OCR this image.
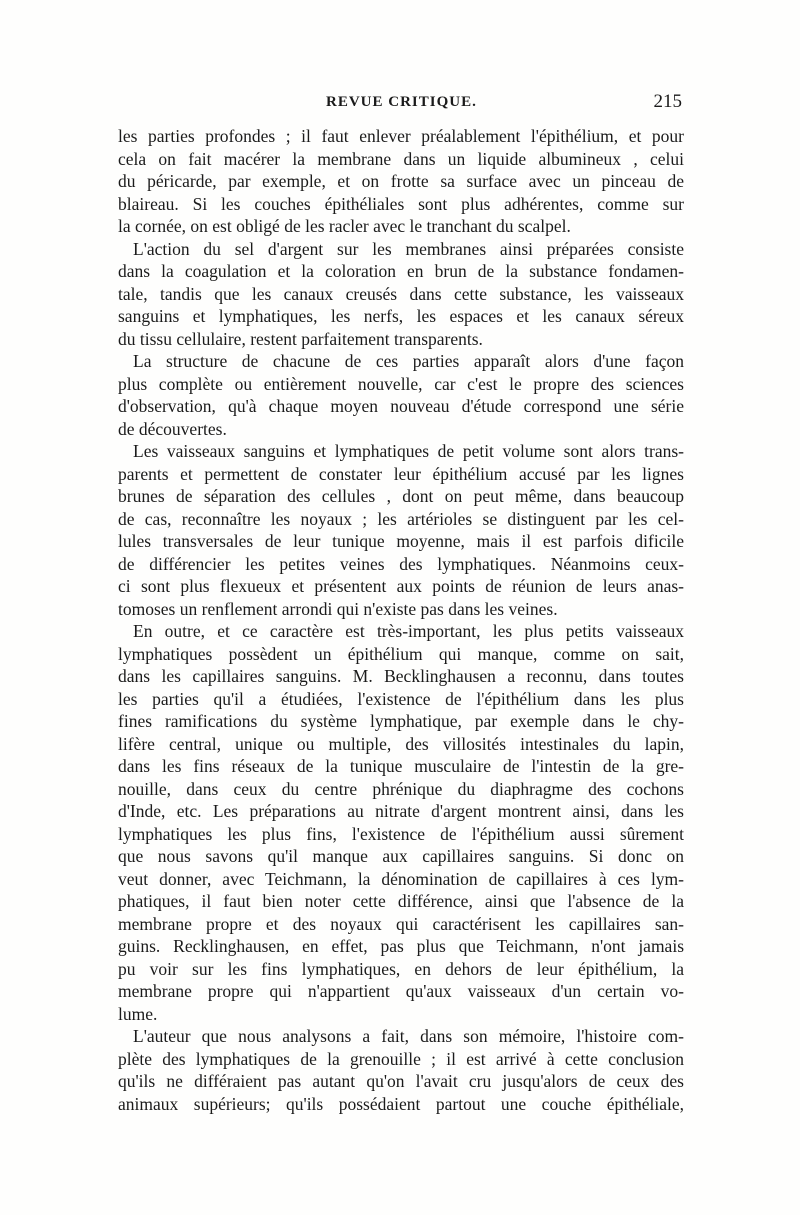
REVUE CRITIQUE.	215
les parties profondes ; il faut enlever préalablement l'épithélium, et pour
cela on fait macérer la membrane dans un liquide albumineux , celui
du péricarde, par exemple, et on frotte sa surface avec un pinceau de
blaireau. Si les couches épithéliales sont plus adhérentes, comme sur
la cornée, on est obligé de les racler avec le tranchant du scalpel.
L'action du sel d'argent sur les membranes ainsi préparées consiste
dans la coagulation et la coloration en brun de la substance fondamen-
tale, tandis que les canaux creusés dans cette substance, les vaisseaux
sanguins et lymphatiques, les nerfs, les espaces et les canaux séreux
du tissu cellulaire, restent parfaitement transparents.
La structure de chacune de ces parties apparaît alors d'une façon
plus complète ou entièrement nouvelle, car c'est le propre des sciences
d'observation, qu'à chaque moyen nouveau d'étude correspond une série
de découvertes.
Les vaisseaux sanguins et lymphatiques de petit volume sont alors trans-
parents et permettent de constater leur épithélium accusé par les lignes
brunes de séparation des cellules , dont on peut même, dans beaucoup
de cas, reconnaître les noyaux ; les artérioles se distinguent par les cel-
lules transversales de leur tunique moyenne, mais il est parfois dificile
de différencier les petites veines des lymphatiques. Néanmoins ceux-
ci sont plus flexueux et présentent aux points de réunion de leurs anas-
tomoses un renflement arrondi qui n'existe pas dans les veines.
En outre, et ce caractère est très-important, les plus petits vaisseaux
lymphatiques possèdent un épithélium qui manque, comme on sait,
dans les capillaires sanguins. M. Becklinghausen a reconnu, dans toutes
les parties qu'il a étudiées, l'existence de l'épithélium dans les plus
fines ramifications du système lymphatique, par exemple dans le chy-
lifère central, unique ou multiple, des villosités intestinales du lapin,
dans les fins réseaux de la tunique musculaire de l'intestin de la gre-
nouille, dans ceux du centre phrénique du diaphragme des cochons
d'Inde, etc. Les préparations au nitrate d'argent montrent ainsi, dans les
lymphatiques les plus fins, l'existence de l'épithélium aussi sûrement
que nous savons qu'il manque aux capillaires sanguins. Si donc on
veut donner, avec Teichmann, la dénomination de capillaires à ces lym-
phatiques, il faut bien noter cette différence, ainsi que l'absence de la
membrane propre et des noyaux qui caractérisent les capillaires san-
guins. Recklinghausen, en effet, pas plus que Teichmann, n'ont jamais
pu voir sur les fins lymphatiques, en dehors de leur épithélium, la
membrane propre qui n'appartient qu'aux vaisseaux d'un certain vo-
lume.
L'auteur que nous analysons a fait, dans son mémoire, l'histoire com-
plète des lymphatiques de la grenouille ; il est arrivé à cette conclusion
qu'ils ne différaient pas autant qu'on l'avait cru jusqu'alors de ceux des
animaux supérieurs; qu'ils possédaient partout une couche épithéliale,
